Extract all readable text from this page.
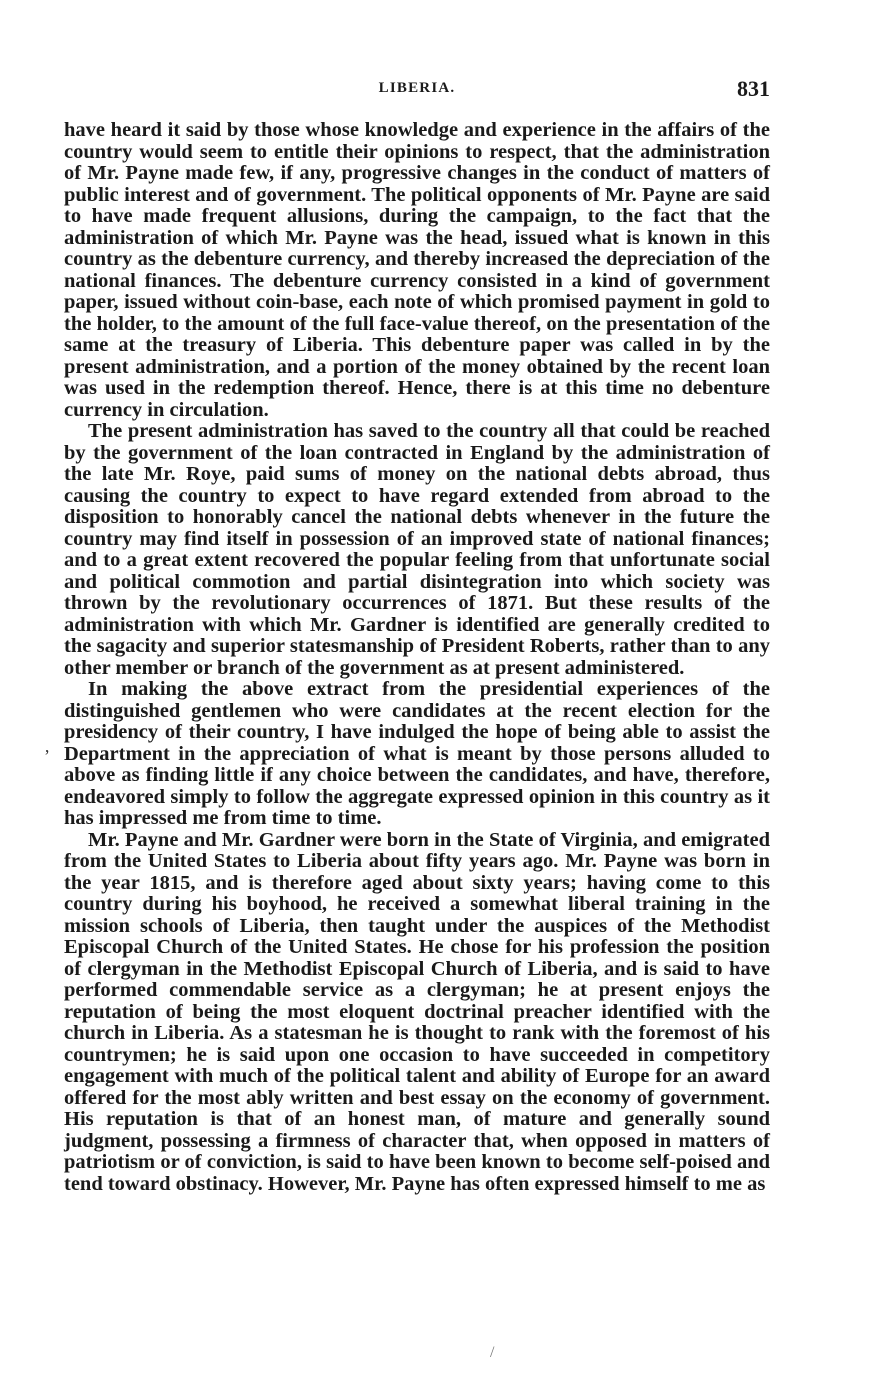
LIBERIA.	831

have heard it said by those whose knowledge and experience in the affairs of the country would seem to entitle their opinions to respect, that the administration of Mr. Payne made few, if any, progressive changes in the conduct of matters of public interest and of government. The political opponents of Mr. Payne are said to have made frequent allusions, during the campaign, to the fact that the administration of which Mr. Payne was the head, issued what is known in this country as the debenture currency, and thereby increased the depreciation of the national finances. The debenture currency consisted in a kind of government paper, issued without coin-base, each note of which promised payment in gold to the holder, to the amount of the full face-value thereof, on the presentation of the same at the treasury of Liberia. This debenture paper was called in by the present administration, and a portion of the money obtained by the recent loan was used in the redemption thereof. Hence, there is at this time no debenture currency in circulation.

The present administration has saved to the country all that could be reached by the government of the loan contracted in England by the administration of the late Mr. Roye, paid sums of money on the national debts abroad, thus causing the country to expect to have regard extended from abroad to the disposition to honorably cancel the national debts whenever in the future the country may find itself in possession of an improved state of national finances; and to a great extent recovered the popular feeling from that unfortunate social and political commotion and partial disintegration into which society was thrown by the revolutionary occurrences of 1871. But these results of the administration with which Mr. Gardner is identified are generally credited to the sagacity and superior statesmanship of President Roberts, rather than to any other member or branch of the government as at present administered.

In making the above extract from the presidential experiences of the distinguished gentlemen who were candidates at the recent election for the presidency of their country, I have indulged the hope of being able to assist the Department in the appreciation of what is meant by those persons alluded to above as finding little if any choice between the candidates, and have, therefore, endeavored simply to follow the aggregate expressed opinion in this country as it has impressed me from time to time.

Mr. Payne and Mr. Gardner were born in the State of Virginia, and emigrated from the United States to Liberia about fifty years ago. Mr. Payne was born in the year 1815, and is therefore aged about sixty years; having come to this country during his boyhood, he received a somewhat liberal training in the mission schools of Liberia, then taught under the auspices of the Methodist Episcopal Church of the United States. He chose for his profession the position of clergyman in the Methodist Episcopal Church of Liberia, and is said to have performed commendable service as a clergyman; he at present enjoys the reputation of being the most eloquent doctrinal preacher identified with the church in Liberia. As a statesman he is thought to rank with the foremost of his countrymen; he is said upon one occasion to have succeeded in competitory engagement with much of the political talent and ability of Europe for an award offered for the most ably written and best essay on the economy of government. His reputation is that of an honest man, of mature and generally sound judgment, possessing a firmness of character that, when opposed in matters of patriotism or of conviction, is said to have been known to become self-poised and tend toward obstinacy. However, Mr. Payne has often expressed himself to me as

ʼ
/
